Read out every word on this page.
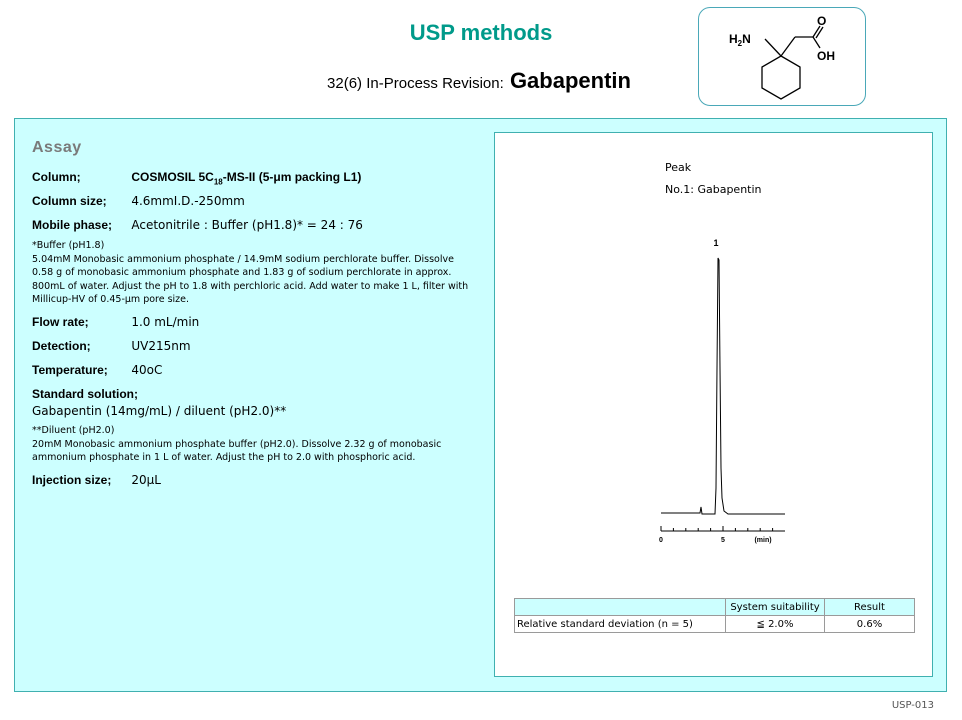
USP methods
32(6) In-Process Revision: Gabapentin
$H_2N$
O
OH
Assay
Column;	COSMOSIL $5C_{18}-MS-II$ (5-μm packing L1)
Column size; 4.6mmI.D.-250mm
Mobile phase; Acetonitrile : Buffer (pH1.8)* = 24 : 76
*Buffer (pH1.8)
5.04mM Monobasic ammonium phosphate / 14.9mM sodium perchlorate buffer. Dissolve
0.58 g of monobasic ammonium phosphate and 1.83 g of sodium perchlorate in approx.
800mL of water. Adjust the pH to 1.8 with perchloric acid. Add water to make 1 L, filter with
Millicup-HV of 0.45-μm pore size.
Flow rate;	1.0 mL/min
Detection;	UV215nm
Temperature; 40oC
Standard solution;
Gabapentin (14mg/mL) / diluent (pH2.0)**
**Diluent (pH2.0)
20mM Monobasic ammonium phosphate buffer (pH2.0). Dissolve 2.32 g of monobasic
ammonium phosphate in 1 L of water. Adjust the pH to 2.0 with phosphoric acid.
Injection size; 20μL
Peak
No.1: Gabapentin
1
0	5	(min)
	System suitability	Result
Relative standard deviation (n = 5)	≦ 2.0%	0.6%
USP-013
